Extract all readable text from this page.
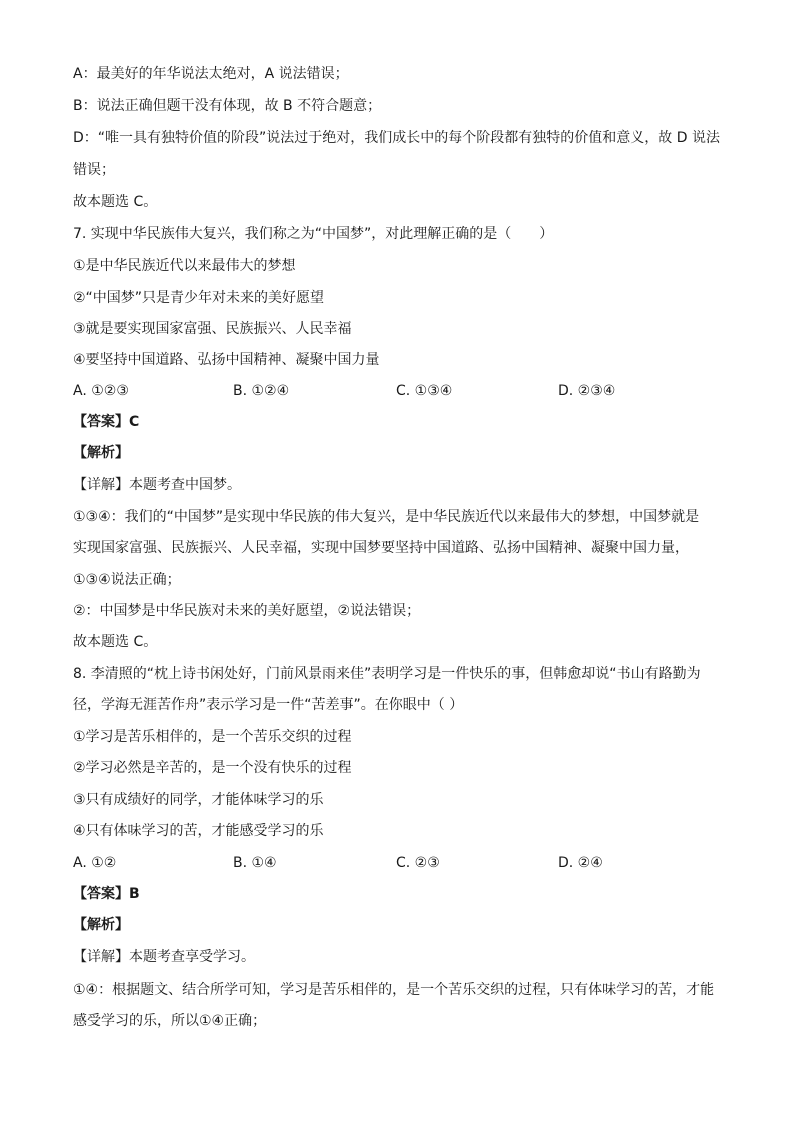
A：最美好的年华说法太绝对，A 说法错误；
B：说法正确但题干没有体现，故 B 不符合题意；
D：“唯一具有独特价值的阶段”说法过于绝对，我们成长中的每个阶段都有独特的价值和意义，故 D 说法
错误；
故本题选 C。
7. 实现中华民族伟大复兴，我们称之为“中国梦”，对此理解正确的是（　　）
①是中华民族近代以来最伟大的梦想
②“中国梦”只是青少年对未来的美好愿望
③就是要实现国家富强、民族振兴、人民幸福
④要坚持中国道路、弘扬中国精神、凝聚中国力量
A. ①②③	B. ①②④	C. ①③④	D. ②③④
【答案】C
【解析】
【详解】本题考查中国梦。
①③④：我们的“中国梦”是实现中华民族的伟大复兴，是中华民族近代以来最伟大的梦想，中国梦就是
实现国家富强、民族振兴、人民幸福，实现中国梦要坚持中国道路、弘扬中国精神、凝聚中国力量，
①③④说法正确；
②：中国梦是中华民族对未来的美好愿望，②说法错误；
故本题选 C。
8. 李清照的“枕上诗书闲处好，门前风景雨来佳”表明学习是一件快乐的事，但韩愈却说“书山有路勤为
径，学海无涯苦作舟”表示学习是一件“苦差事”。在你眼中（ ）
①学习是苦乐相伴的，是一个苦乐交织的过程
②学习必然是辛苦的，是一个没有快乐的过程
③只有成绩好的同学，才能体味学习的乐
④只有体味学习的苦，才能感受学习的乐
A. ①②	B. ①④	C. ②③	D. ②④
【答案】B
【解析】
【详解】本题考查享受学习。
①④：根据题文、结合所学可知，学习是苦乐相伴的，是一个苦乐交织的过程，只有体味学习的苦，才能
感受学习的乐，所以①④正确；
